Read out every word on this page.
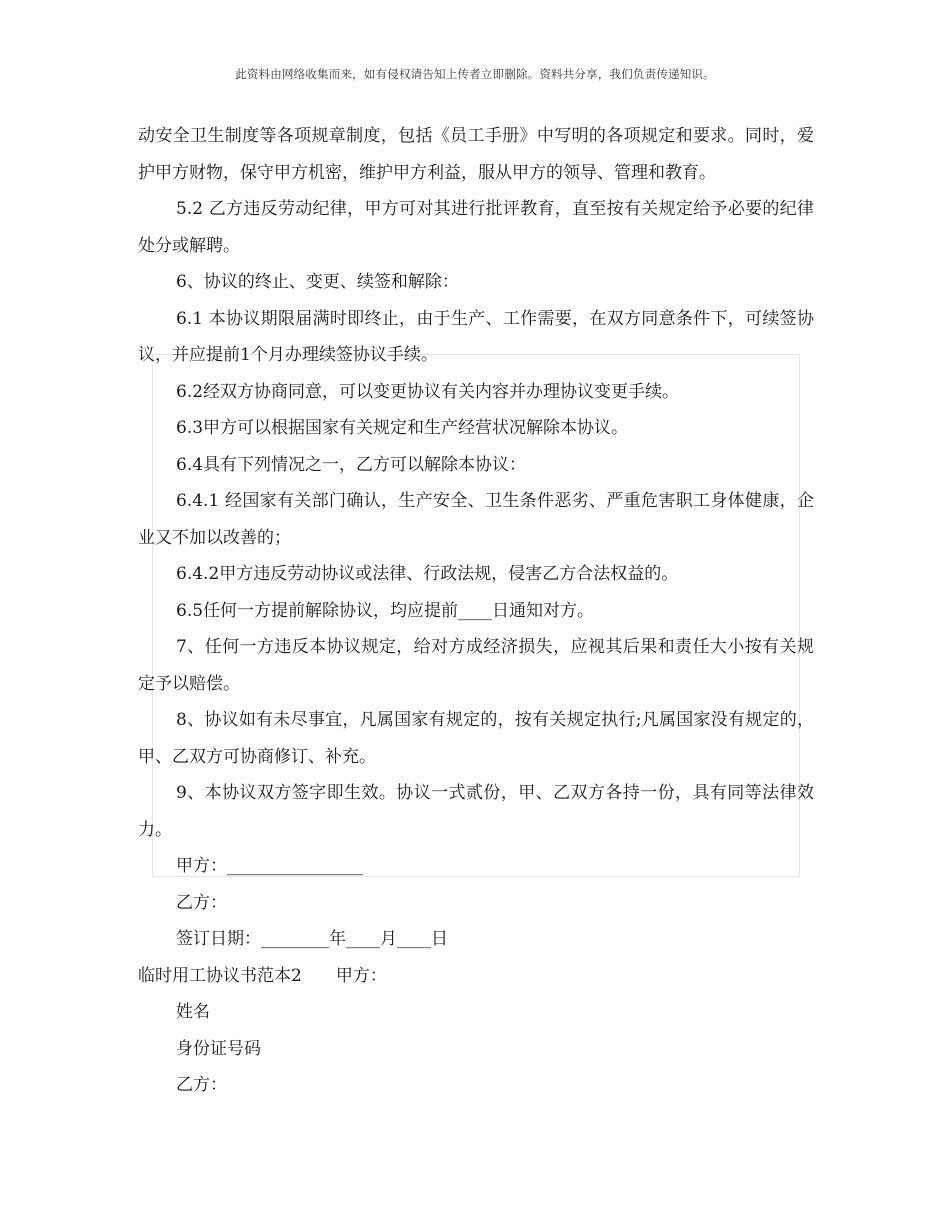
此资料由网络收集而来，如有侵权请告知上传者立即删除。资料共分享，我们负责传递知识。

动安全卫生制度等各项规章制度，包括《员工手册》中写明的各项规定和要求。同时，爱护甲方财物，保守甲方机密，维护甲方利益，服从甲方的领导、管理和教育。

5.2 乙方违反劳动纪律，甲方可对其进行批评教育，直至按有关规定给予必要的纪律处分或解聘。

6、协议的终止、变更、续签和解除：

6.1 本协议期限届满时即终止，由于生产、工作需要，在双方同意条件下，可续签协议，并应提前1个月办理续签协议手续。

6.2经双方协商同意，可以变更协议有关内容并办理协议变更手续。

6.3甲方可以根据国家有关规定和生产经营状况解除本协议。

6.4具有下列情况之一，乙方可以解除本协议：

6.4.1 经国家有关部门确认，生产安全、卫生条件恶劣、严重危害职工身体健康，企业又不加以改善的；

6.4.2甲方违反劳动协议或法律、行政法规，侵害乙方合法权益的。

6.5任何一方提前解除协议，均应提前____日通知对方。

7、任何一方违反本协议规定，给对方成经济损失，应视其后果和责任大小按有关规定予以赔偿。

8、协议如有未尽事宜，凡属国家有规定的，按有关规定执行;凡属国家没有规定的，甲、乙双方可协商修订、补充。

9、本协议双方签字即生效。协议一式贰份，甲、乙双方各持一份，具有同等法律效力。

甲方：________________

乙方：

签订日期：________年____月____日

临时用工协议书范本2　　甲方：

姓名

身份证号码

乙方：
